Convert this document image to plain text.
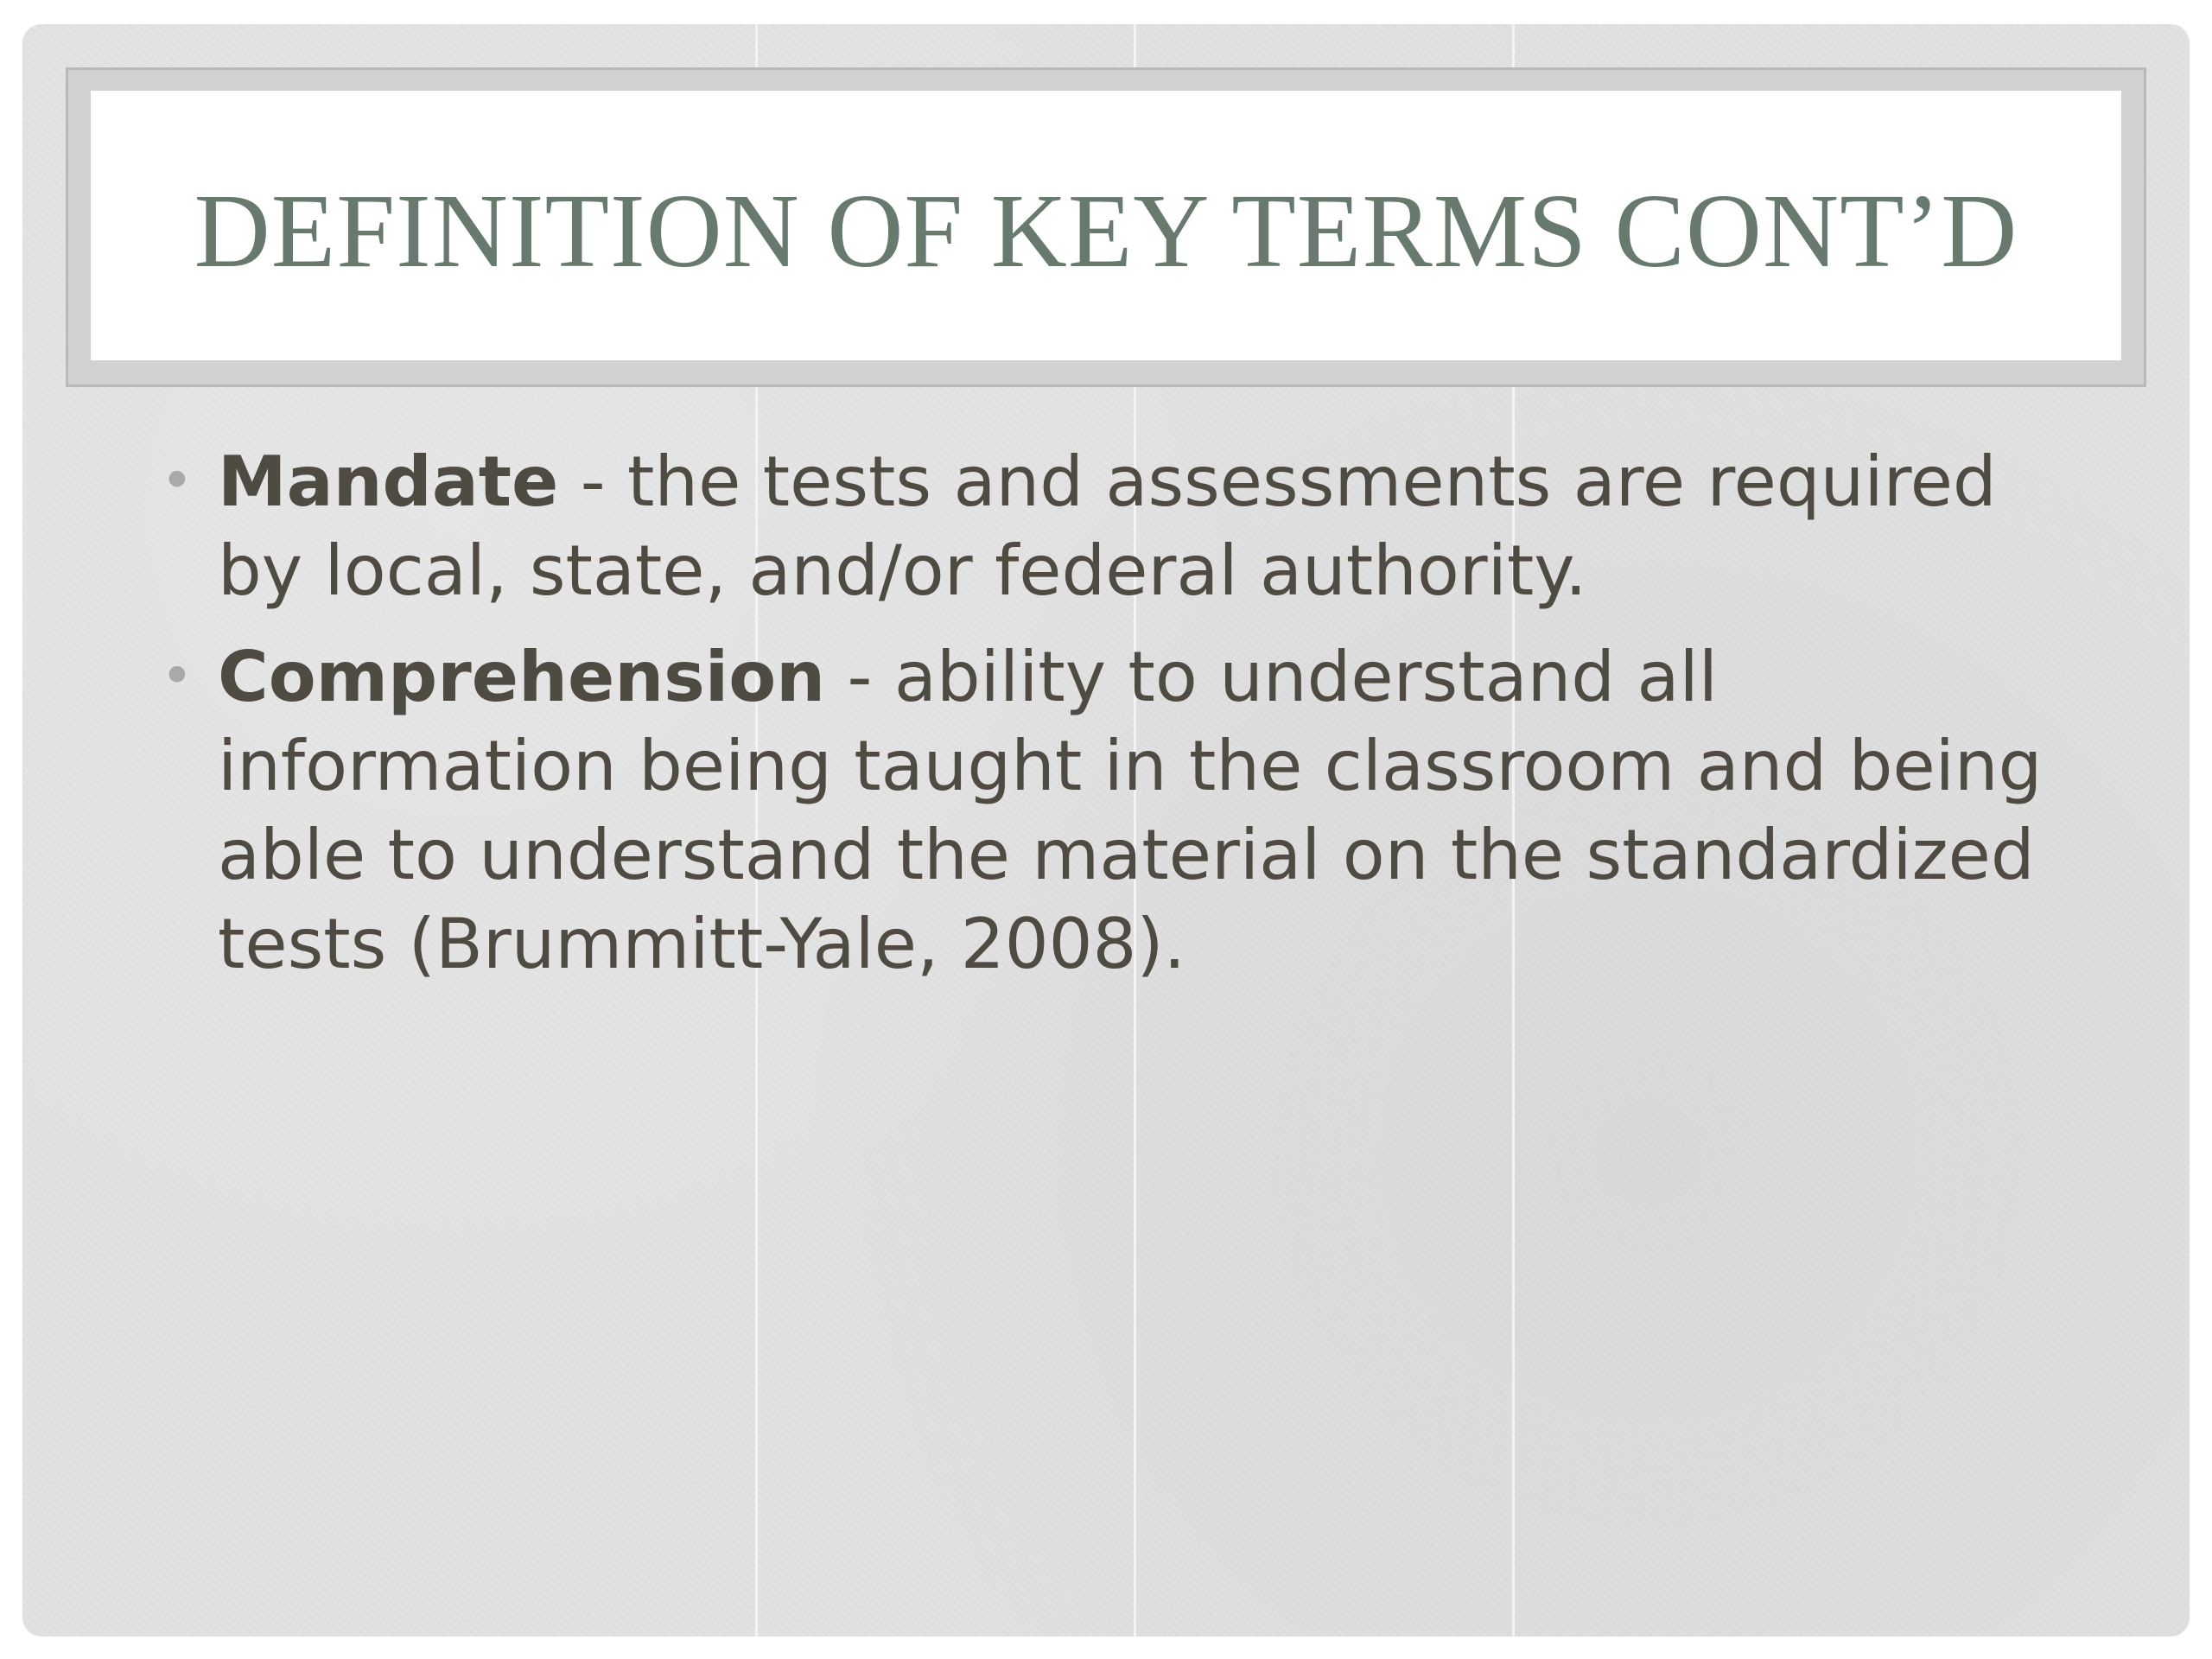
DEFINITION OF KEY TERMS CONT’D
• Mandate - the tests and assessments are required by local, state, and/or federal authority.
• Comprehension - ability to understand all information being taught in the classroom and being able to understand the material on the standardized tests (Brummitt-Yale, 2008).
